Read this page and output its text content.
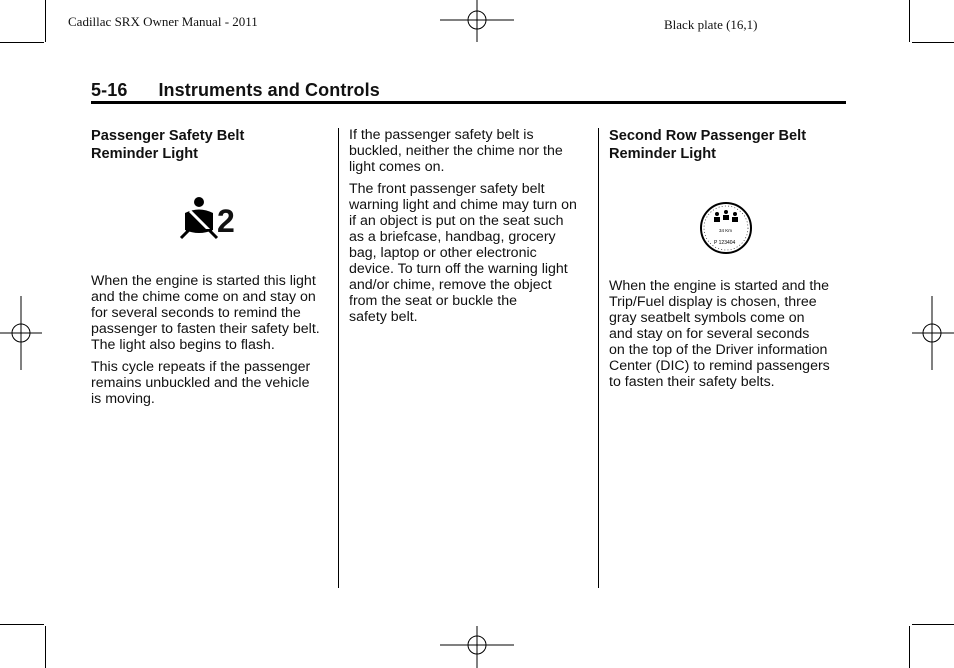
Cadillac SRX Owner Manual - 2011	Black plate (16,1)
5-16 Instruments and Controls
Passenger Safety Belt
Reminder Light
2

When the engine is started this light
and the chime come on and stay on
for several seconds to remind the
passenger to fasten their safety belt.
The light also begins to flash.

This cycle repeats if the passenger
remains unbuckled and the vehicle
is moving.

If the passenger safety belt is
buckled, neither the chime nor the
light comes on.

The front passenger safety belt
warning light and chime may turn on
if an object is put on the seat such
as a briefcase, handbag, grocery
bag, laptop or other electronic
device. To turn off the warning light
and/or chime, remove the object
from the seat or buckle the
safety belt.

Second Row Passenger Belt
Reminder Light
34 Km
P 123404

When the engine is started and the
Trip/Fuel display is chosen, three
gray seatbelt symbols come on
and stay on for several seconds
on the top of the Driver information
Center (DIC) to remind passengers
to fasten their safety belts.
